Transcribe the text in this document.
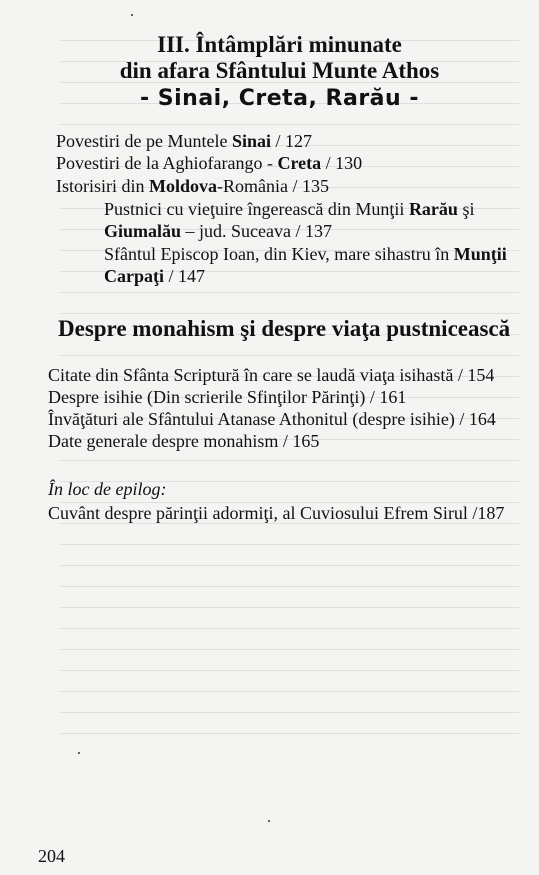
III. Întâmplări minunate
din afara Sfântului Munte Athos
- Sinai, Creta, Rarău -
Povestiri de pe Muntele Sinai / 127
Povestiri de la Aghiofarango - Creta / 130
Istorisiri din Moldova-România / 135
Pustnici cu vieţuire îngerească din Munţii Rarău şi
Giumalău – jud. Suceava / 137
Sfântul Episcop Ioan, din Kiev, mare sihastru în Munţii
Carpaţi / 147
Despre monahism şi despre viaţa pustnicească
Citate din Sfânta Scriptură în care se laudă viaţa isihastă / 154
Despre isihie (Din scrierile Sfinţilor Părinţi) / 161
Învăţături ale Sfântului Atanase Athonitul (despre isihie) / 164
Date generale despre monahism / 165
În loc de epilog:
Cuvânt despre părinţii adormiţi, al Cuviosului Efrem Sirul /187
204
